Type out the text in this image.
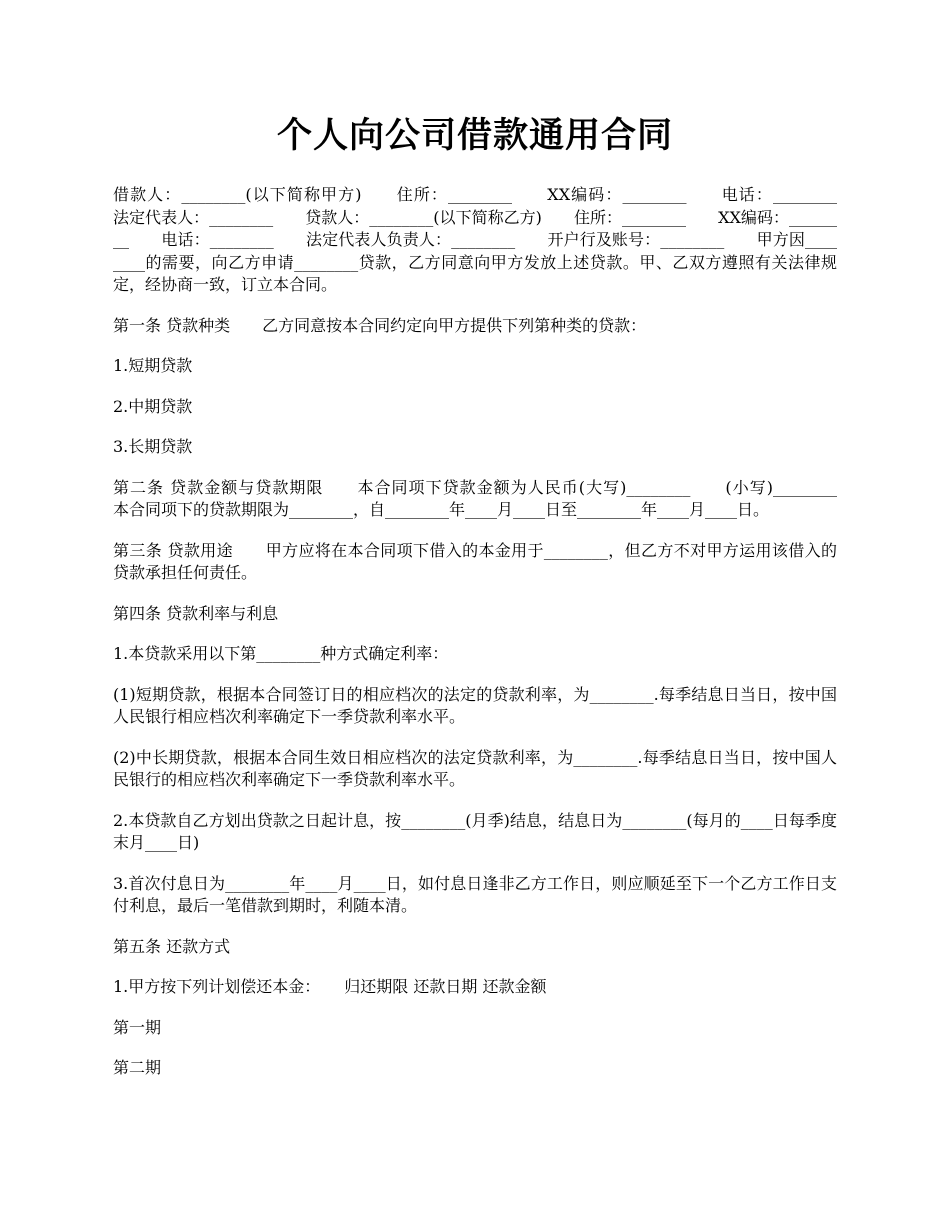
个人向公司借款通用合同

借款人：________(以下简称甲方)　　住所：________　　XX编码：________　　电话：________　　法定代表人：________　　贷款人：________(以下简称乙方)　　住所：________　　XX编码：________　　电话：________　　法定代表人负责人：________　　开户行及账号：________　　甲方因________的需要，向乙方申请________贷款，乙方同意向甲方发放上述贷款。甲、乙双方遵照有关法律规定，经协商一致，订立本合同。

第一条 贷款种类　　乙方同意按本合同约定向甲方提供下列第种类的贷款：

1.短期贷款

2.中期贷款

3.长期贷款

第二条 贷款金额与贷款期限　　本合同项下贷款金额为人民币(大写)________　　(小写)________　　本合同项下的贷款期限为________，自________年____月____日至________年____月____日。

第三条 贷款用途　　甲方应将在本合同项下借入的本金用于________，但乙方不对甲方运用该借入的贷款承担任何责任。

第四条 贷款利率与利息

1.本贷款采用以下第________种方式确定利率：

(1)短期贷款，根据本合同签订日的相应档次的法定的贷款利率，为________.每季结息日当日，按中国人民银行相应档次利率确定下一季贷款利率水平。

(2)中长期贷款，根据本合同生效日相应档次的法定贷款利率，为________.每季结息日当日，按中国人民银行的相应档次利率确定下一季贷款利率水平。

2.本贷款自乙方划出贷款之日起计息，按________(月季)结息，结息日为________(每月的____日每季度末月____日)

3.首次付息日为________年____月____日，如付息日逢非乙方工作日，则应顺延至下一个乙方工作日支付利息，最后一笔借款到期时，利随本清。

第五条 还款方式

1.甲方按下列计划偿还本金：　　归还期限 还款日期 还款金额

第一期

第二期
